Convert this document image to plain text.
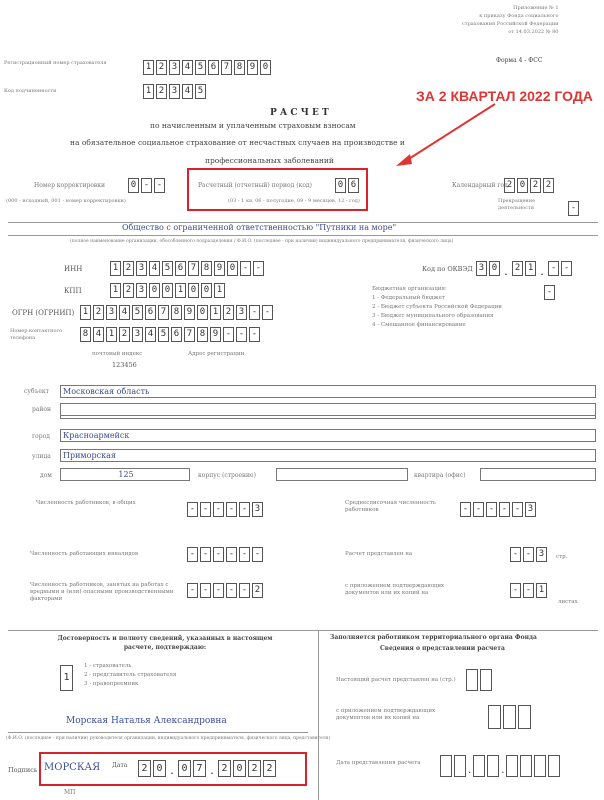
Приложение № 1
к приказу Фонда социального
страхования Российской Федерации
от 14.03.2022 № 80
Форма 4 - ФСС
Регистрационный номер страхователя	1 2 3 4 5 6 7 8 9 0
Код подчиненности	1 2 3 4 5
Р А С Ч Е Т
по начисленным и уплаченным страховым взносам
на обязательное социальное страхование от несчастных случаев на производстве и
профессиональных заболеваний
ЗА 2 КВАРТАЛ 2022 ГОДА
Номер корректировки	0 - -
(000 - исходный, 001 - номер корректировки)
Расчетный (отчетный) период (код)	0 6
(03 - 1 кв, 06 - полугодие, 09 - 9 месяцев, 12 - год)
Календарный год
2 0 2 2
Прекращение деятельности	-
Общество с ограниченной ответственностью "Путники на море"
(полное наименование организации, обособленного подразделения / Ф.И.О. (последнее - при наличии) индивидуального предпринимателя, физического лица)
ИНН	1 2 3 4 5 6 7 8 9 0 - -
КПП	1 2 3 0 0 1 0 0 1
ОГРН (ОГРНИП) 1 2 3 4 5 6 7 8 9 0 1 2 3 - -
Номер контактного телефона	8 4 1 2 3 4 5 6 7 8 9 - - -
Код по ОКВЭД 3 0 . 2 1 . - -
Бюджетная организация:
1 - Федеральный бюджет
2 - Бюджет субъекта Российской Федерации
3 - Бюджет муниципального образования
4 - Смешанное финансирование
-
почтовый индекс	Адрес регистрации
123456
субъект	Московская область
район
город	Красноармейск
улица	Приморская
дом	125	корпус (строение)	квартира (офис)
Численность работников, в общих
- - - - - 3
Численность работающих инвалидов	- - - - - -
Численность работников, занятых на работах с вредными и (или) опасными производственными факторами
- - - - - 2
Среднесписочная численность работников	- - - - - 3
Расчет представлен на	- - 3	стр.
с приложением подтверждающих документов или их копий на	- - 1
листах
Достоверность и полноту сведений, указанных в настоящем расчете, подтверждаю:
1
1 - страхователь
2 - представитель страхователя
3 - правопреемник
Морская Наталья Александровна
(Ф.И.О. (последнее - при наличии) руководителя организации, индивидуального предпринимателя, физического лица, представителя)
Подпись МОРСКАЯ Дата	2 0 . 0 7 . 2 0 2 2
МП
Заполняется работником территориального органа Фонда
Сведения о представлении расчета
Настоящий расчет представлен на (стр.)
с приложением подтверждающих документов или их копий на
Дата представления расчета
.	.
